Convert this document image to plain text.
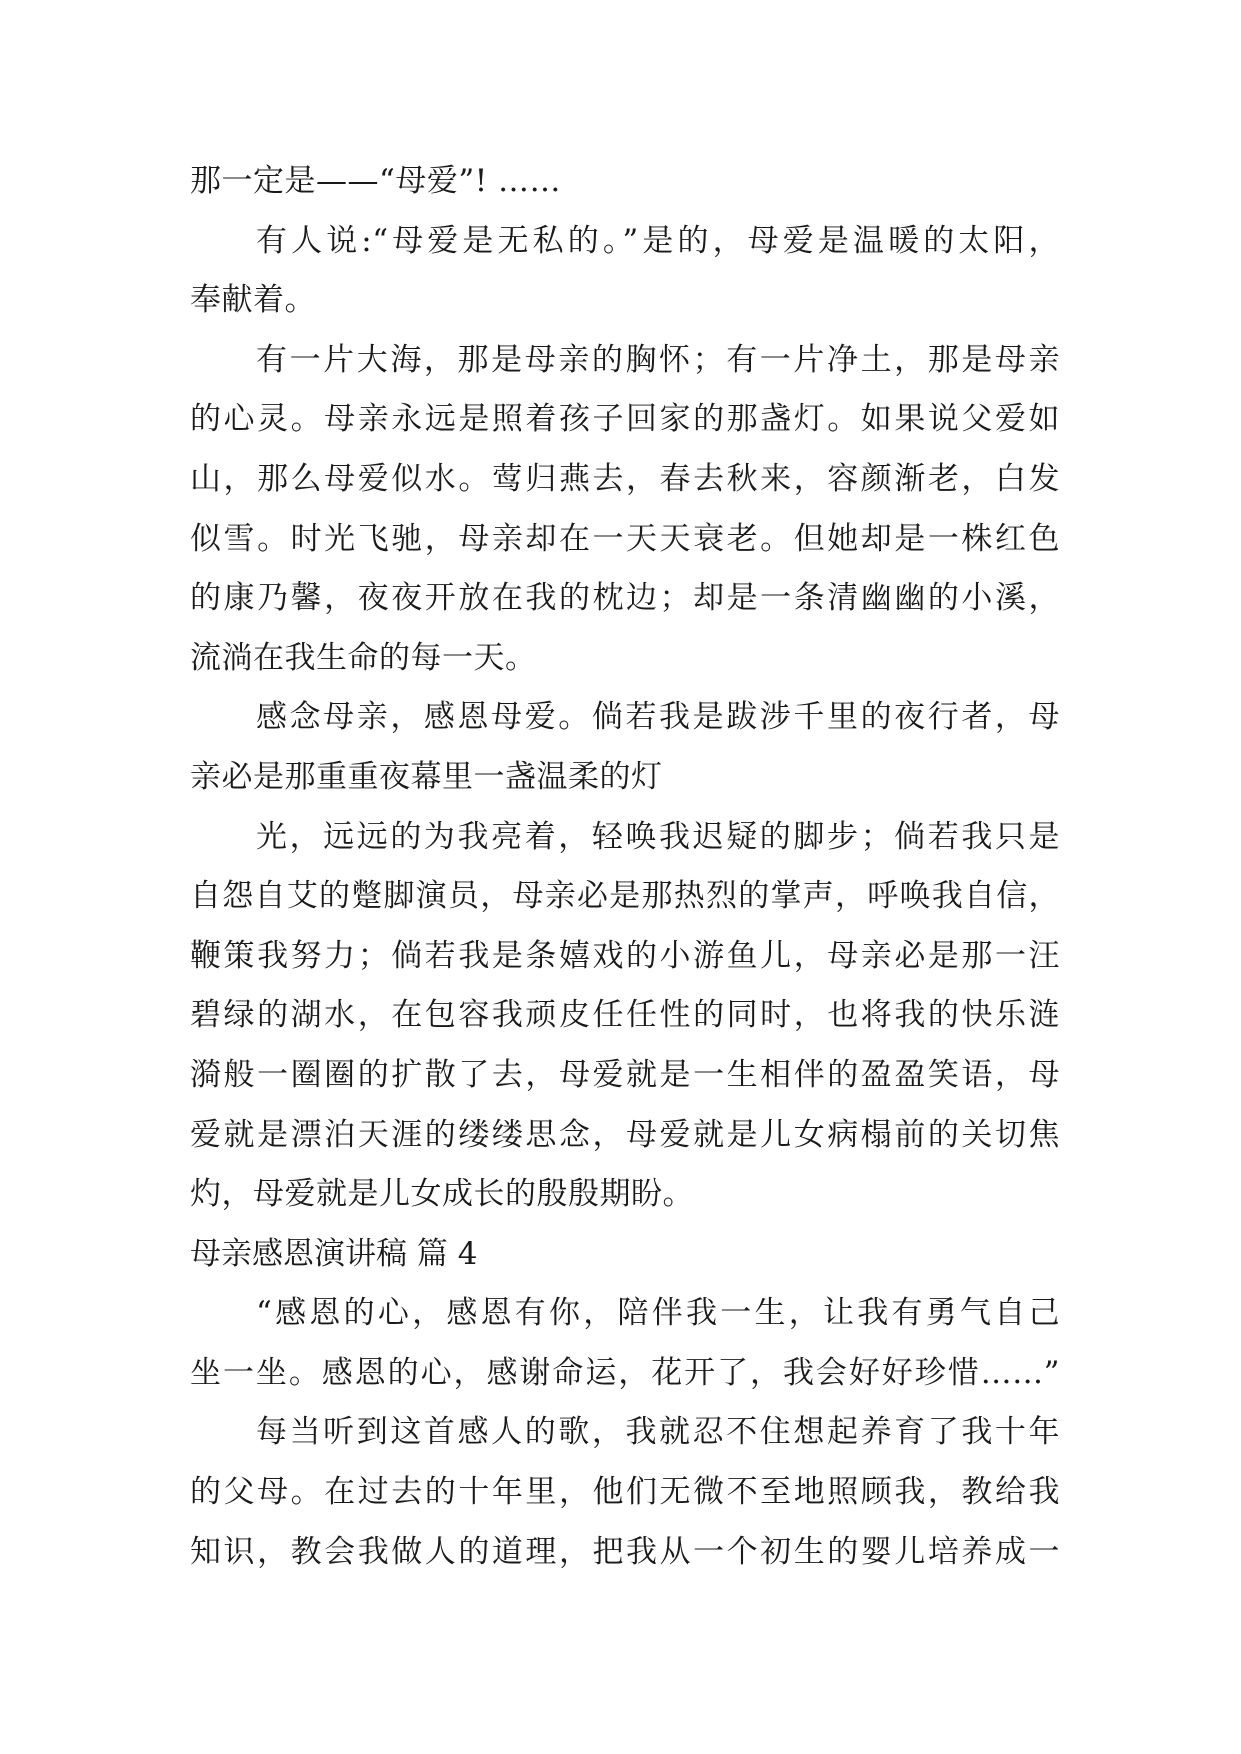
那一定是——“母爱”! ……
有人说:“母爱是无私的。”是的，母爱是温暖的太阳，
奉献着。
有一片大海，那是母亲的胸怀；有一片净土，那是母亲
的心灵。母亲永远是照着孩子回家的那盏灯。如果说父爱如
山，那么母爱似水。莺归燕去，春去秋来，容颜渐老，白发
似雪。时光飞驰，母亲却在一天天衰老。但她却是一株红色
的康乃馨，夜夜开放在我的枕边；却是一条清幽幽的小溪，
流淌在我生命的每一天。
感念母亲，感恩母爱。倘若我是跋涉千里的夜行者，母
亲必是那重重夜幕里一盏温柔的灯
光，远远的为我亮着，轻唤我迟疑的脚步；倘若我只是
自怨自艾的蹩脚演员，母亲必是那热烈的掌声，呼唤我自信，
鞭策我努力；倘若我是条嬉戏的小游鱼儿，母亲必是那一汪
碧绿的湖水，在包容我顽皮任任性的同时，也将我的快乐涟
漪般一圈圈的扩散了去，母爱就是一生相伴的盈盈笑语，母
爱就是漂泊天涯的缕缕思念，母爱就是儿女病榻前的关切焦
灼，母爱就是儿女成长的殷殷期盼。
母亲感恩演讲稿 篇 4
“感恩的心，感恩有你，陪伴我一生，让我有勇气自己
坐一坐。感恩的心，感谢命运，花开了，我会好好珍惜……”
每当听到这首感人的歌，我就忍不住想起养育了我十年
的父母。在过去的十年里，他们无微不至地照顾我，教给我
知识，教会我做人的道理，把我从一个初生的婴儿培养成一
